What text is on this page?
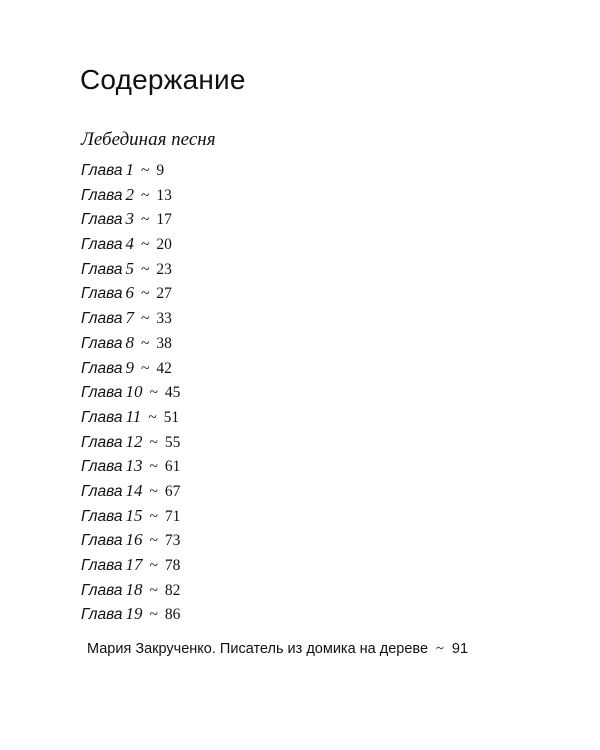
Содержание
Лебединая песня
Глава 1 ~ 9
Глава 2 ~ 13
Глава 3 ~ 17
Глава 4 ~ 20
Глава 5 ~ 23
Глава 6 ~ 27
Глава 7 ~ 33
Глава 8 ~ 38
Глава 9 ~ 42
Глава 10 ~ 45
Глава 11 ~ 51
Глава 12 ~ 55
Глава 13 ~ 61
Глава 14 ~ 67
Глава 15 ~ 71
Глава 16 ~ 73
Глава 17 ~ 78
Глава 18 ~ 82
Глава 19 ~ 86
Мария Закрученко. Писатель из домика на дереве ~ 91
